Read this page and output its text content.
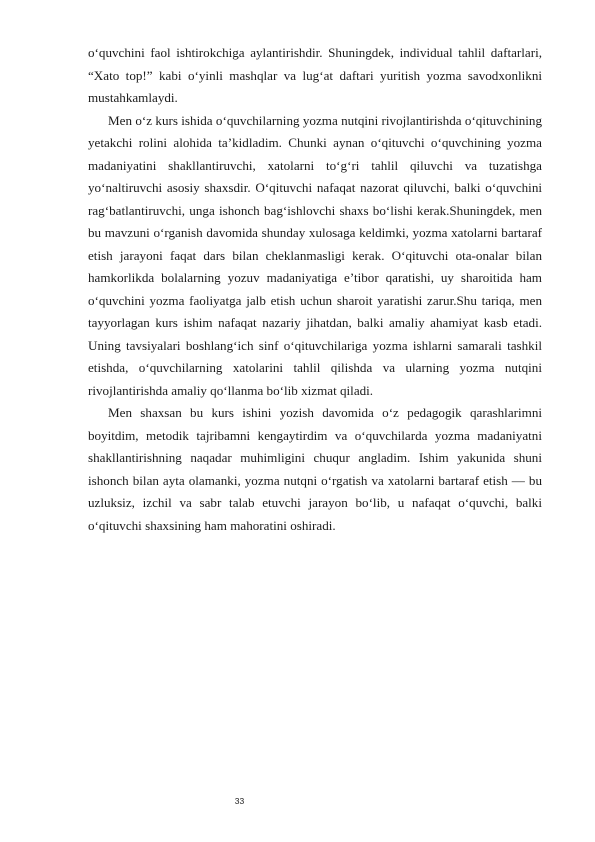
o‘quvchini faol ishtirokchiga aylantirishdir. Shuningdek, individual tahlil daftarlari, “Xato top!” kabi o‘yinli mashqlar va lug‘at daftari yuritish yozma savodxonlikni mustahkamlaydi.

Men o‘z kurs ishida o‘quvchilarning yozma nutqini rivojlantirishda o‘qituvchining yetakchi rolini alohida ta’kidladim. Chunki aynan o‘qituvchi o‘quvchining yozma madaniyatini shakllantiruvchi, xatolarni to‘g‘ri tahlil qiluvchi va tuzatishga yo‘naltiruvchi asosiy shaxsdir. O‘qituvchi nafaqat nazorat qiluvchi, balki o‘quvchini rag‘batlantiruvchi, unga ishonch bag‘ishlovchi shaxs bo‘lishi kerak.Shuningdek, men bu mavzuni o‘rganish davomida shunday xulosaga keldimki, yozma xatolarni bartaraf etish jarayoni faqat dars bilan cheklanmasligi kerak. O‘qituvchi ota-onalar bilan hamkorlikda bolalarning yozuv madaniyatiga e’tibor qaratishi, uy sharoitida ham o‘quvchini yozma faoliyatga jalb etish uchun sharoit yaratishi zarur.Shu tariqa, men tayyorlagan kurs ishim nafaqat nazariy jihatdan, balki amaliy ahamiyat kasb etadi. Uning tavsiyalari boshlang‘ich sinf o‘qituvchilariga yozma ishlarni samarali tashkil etishda, o‘quvchilarning xatolarini tahlil qilishda va ularning yozma nutqini rivojlantirishda amaliy qo‘llanma bo‘lib xizmat qiladi.

Men shaxsan bu kurs ishini yozish davomida o‘z pedagogik qarashlarimni boyitdim, metodik tajribamni kengaytirdim va o‘quvchilarda yozma madaniyatni shakllantirishning naqadar muhimligini chuqur angladim. Ishim yakunida shuni ishonch bilan ayta olamanki, yozma nutqni o‘rgatish va xatolarni bartaraf etish — bu uzluksiz, izchil va sabr talab etuvchi jarayon bo‘lib, u nafaqat o‘quvchi, balki o‘qituvchi shaxsining ham mahoratini oshiradi.

33
